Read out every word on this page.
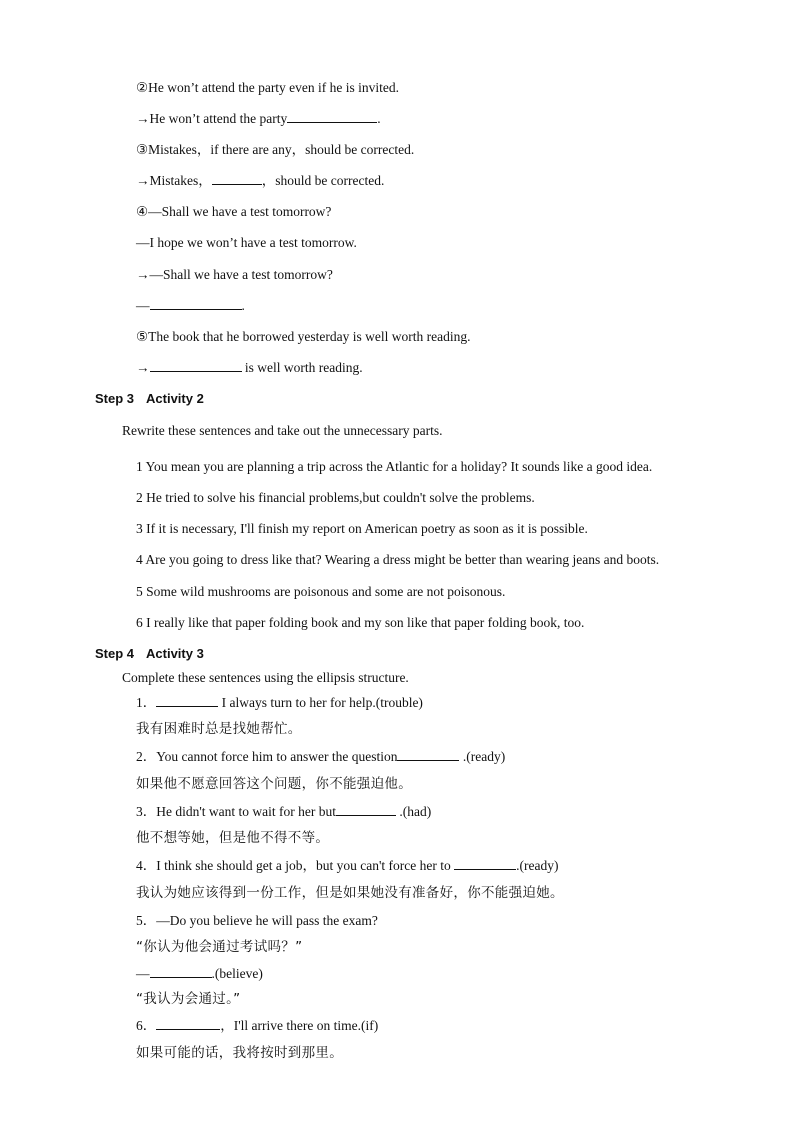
②He won’t attend the party even if he is invited.
→He won’t attend the party	.
③Mistakes，if there are any，should be corrected.
→Mistakes，	，should be corrected.
④—Shall we have a test tomorrow?
—I hope we won’t have a test tomorrow.
→—Shall we have a test tomorrow?
—	.
⑤The book that he borrowed yesterday is well worth reading.
→	is well worth reading.
Step 3 Activity 2
Rewrite these sentences and take out the unnecessary parts.
1 You mean you are planning a trip across the Atlantic for a holiday? It sounds like a good idea.
2 He tried to solve his financial problems,but couldn't solve the problems.
3 If it is necessary, I'll finish my report on American poetry as soon as it is possible.
4 Are you going to dress like that? Wearing a dress might be better than wearing jeans and boots.
5 Some wild mushrooms are poisonous and some are not poisonous.
6 I really like that paper folding book and my son like that paper folding book, too.
Step 4 Activity 3
Complete these sentences using the ellipsis structure.
1．	I always turn to her for help.(trouble)
我有困难时总是找她帮忙。
2．You cannot force him to answer the question	.(ready)
如果他不愿意回答这个问题，你不能强迫他。
3．He didn't want to wait for her but	.(had)
他不想等她，但是他不得不等。
4．I think she should get a job，but you can't force her to	.(ready)
我认为她应该得到一份工作，但是如果她没有准备好，你不能强迫她。
5．—Do you believe he will pass the exam?
“你认为他会通过考试吗？”
—	.(believe)
“我认为会通过。”
6．	，I'll arrive there on time.(if)
如果可能的话，我将按时到那里。
